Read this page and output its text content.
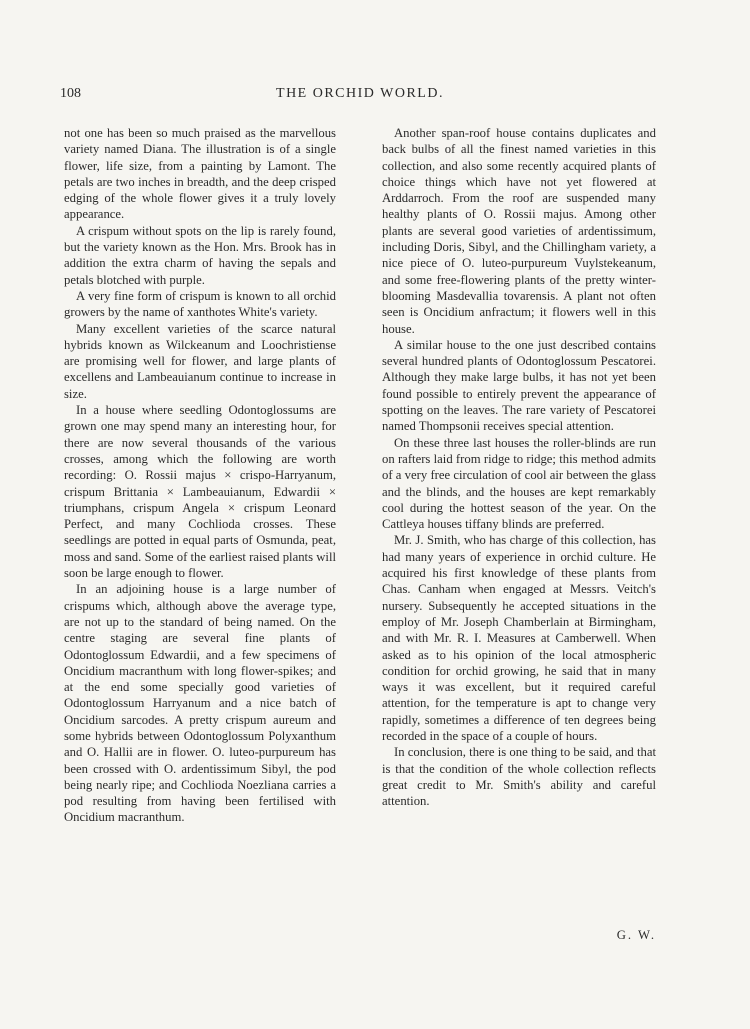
108	THE ORCHID WORLD.

not one has been so much praised as the marvellous variety named Diana. The illustration is of a single flower, life size, from a painting by Lamont. The petals are two inches in breadth, and the deep crisped edging of the whole flower gives it a truly lovely appearance.

A crispum without spots on the lip is rarely found, but the variety known as the Hon. Mrs. Brook has in addition the extra charm of having the sepals and petals blotched with purple.

A very fine form of crispum is known to all orchid growers by the name of xanthotes White's variety.

Many excellent varieties of the scarce natural hybrids known as Wilckeanum and Loochristiense are promising well for flower, and large plants of excellens and Lambeauianum continue to increase in size.

In a house where seedling Odontoglossums are grown one may spend many an interesting hour, for there are now several thousands of the various crosses, among which the following are worth recording: O. Rossii majus × crispo-Harryanum, crispum Brittania × Lambeauianum, Edwardii × triumphans, crispum Angela × crispum Leonard Perfect, and many Cochlioda crosses. These seedlings are potted in equal parts of Osmunda, peat, moss and sand. Some of the earliest raised plants will soon be large enough to flower.

In an adjoining house is a large number of crispums which, although above the average type, are not up to the standard of being named. On the centre staging are several fine plants of Odontoglossum Edwardii, and a few specimens of Oncidium macranthum with long flower-spikes; and at the end some specially good varieties of Odontoglossum Harryanum and a nice batch of Oncidium sarcodes. A pretty crispum aureum and some hybrids between Odontoglossum Polyxanthum and O. Hallii are in flower. O. luteo-purpureum has been crossed with O. ardentissimum Sibyl, the pod being nearly ripe; and Cochlioda Noezliana carries a pod resulting from having been fertilised with Oncidium macranthum.

Another span-roof house contains duplicates and back bulbs of all the finest named varieties in this collection, and also some recently acquired plants of choice things which have not yet flowered at Arddarroch. From the roof are suspended many healthy plants of O. Rossii majus. Among other plants are several good varieties of ardentissimum, including Doris, Sibyl, and the Chillingham variety, a nice piece of O. luteo-purpureum Vuylstekeanum, and some free-flowering plants of the pretty winter-blooming Masdevallia tovarensis. A plant not often seen is Oncidium anfractum; it flowers well in this house.

A similar house to the one just described contains several hundred plants of Odontoglossum Pescatorei. Although they make large bulbs, it has not yet been found possible to entirely prevent the appearance of spotting on the leaves. The rare variety of Pescatorei named Thompsonii receives special attention.

On these three last houses the roller-blinds are run on rafters laid from ridge to ridge; this method admits of a very free circulation of cool air between the glass and the blinds, and the houses are kept remarkably cool during the hottest season of the year. On the Cattleya houses tiffany blinds are preferred.

Mr. J. Smith, who has charge of this collection, has had many years of experience in orchid culture. He acquired his first knowledge of these plants from Chas. Canham when engaged at Messrs. Veitch's nursery. Subsequently he accepted situations in the employ of Mr. Joseph Chamberlain at Birmingham, and with Mr. R. I. Measures at Camberwell. When asked as to his opinion of the local atmospheric condition for orchid growing, he said that in many ways it was excellent, but it required careful attention, for the temperature is apt to change very rapidly, sometimes a difference of ten degrees being recorded in the space of a couple of hours.

In conclusion, there is one thing to be said, and that is that the condition of the whole collection reflects great credit to Mr. Smith's ability and careful attention.

G. W.
